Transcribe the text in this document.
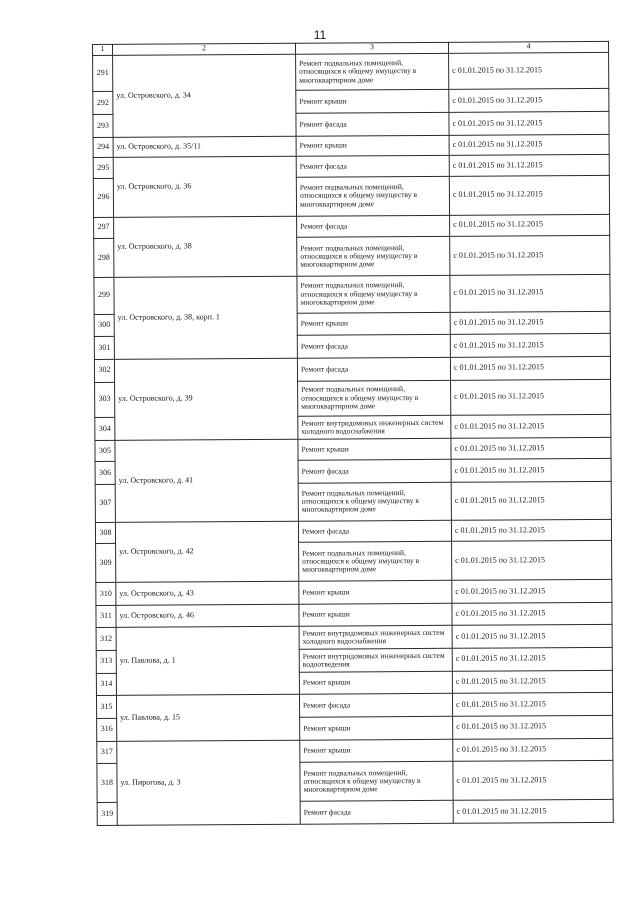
11
1	2	3	4
291	ул. Островского, д. 34	Ремонт подвальных помещений, относящихся к общему имуществу в многоквартирном доме	с 01.01.2015 по 31.12.2015
292		Ремонт крыши	с 01.01.2015 по 31.12.2015
293		Ремонт фасада	с 01.01.2015 по 31.12.2015
294	ул. Островского, д. 35/11	Ремонт крыши	с 01.01.2015 по 31.12.2015
295	ул. Островского, д. 36	Ремонт фасада	с 01.01.2015 по 31.12.2015
296		Ремонт подвальных помещений, относящихся к общему имуществу в многоквартирном доме	с 01.01.2015 по 31.12.2015
297	ул. Островского, д. 38	Ремонт фасада	с 01.01.2015 по 31.12.2015
298		Ремонт подвальных помещений, относящихся к общему имуществу в многоквартирном доме	с 01.01.2015 по 31.12.2015
299	ул. Островского, д. 38, корп. 1	Ремонт подвальных помещений, относящихся к общему имуществу в многоквартирном доме	с 01.01.2015 по 31.12.2015
300		Ремонт крыши	с 01.01.2015 по 31.12.2015
301		Ремонт фасада	с 01.01.2015 по 31.12.2015
302	ул. Островского, д. 39	Ремонт фасада	с 01.01.2015 по 31.12.2015
303		Ремонт подвальных помещений, относящихся к общему имуществу в многоквартирном доме	с 01.01.2015 по 31.12.2015
304		Ремонт внутридомовых инженерных систем холодного водоснабжения	с 01.01.2015 по 31.12.2015
305	ул. Островского, д. 41	Ремонт крыши	с 01.01.2015 по 31.12.2015
306		Ремонт фасада	с 01.01.2015 по 31.12.2015
307		Ремонт подвальных помещений, относящихся к общему имуществу в многоквартирном доме	с 01.01.2015 по 31.12.2015
308	ул. Островского, д. 42	Ремонт фасада	с 01.01.2015 по 31.12.2015
309		Ремонт подвальных помещений, относящихся к общему имуществу в многоквартирном доме	с 01.01.2015 по 31.12.2015
310	ул. Островского, д. 43	Ремонт крыши	с 01.01.2015 по 31.12.2015
311	ул. Островского, д. 46	Ремонт крыши	с 01.01.2015 по 31.12.2015
312	ул. Павлова, д. 1	Ремонт внутридомовых инженерных систем холодного водоснабжения	с 01.01.2015 по 31.12.2015
313		Ремонт внутридомовых инженерных систем водоотведения	с 01.01.2015 по 31.12.2015
314		Ремонт крыши	с 01.01.2015 по 31.12.2015
315	ул. Павлова, д. 15	Ремонт фасада	с 01.01.2015 по 31.12.2015
316		Ремонт крыши	с 01.01.2015 по 31.12.2015
317	ул. Пирогова, д. 3	Ремонт крыши	с 01.01.2015 по 31.12.2015
318		Ремонт подвальных помещений, относящихся к общему имуществу в многоквартирном доме	с 01.01.2015 по 31.12.2015
319		Ремонт фасада	с 01.01.2015 по 31.12.2015
